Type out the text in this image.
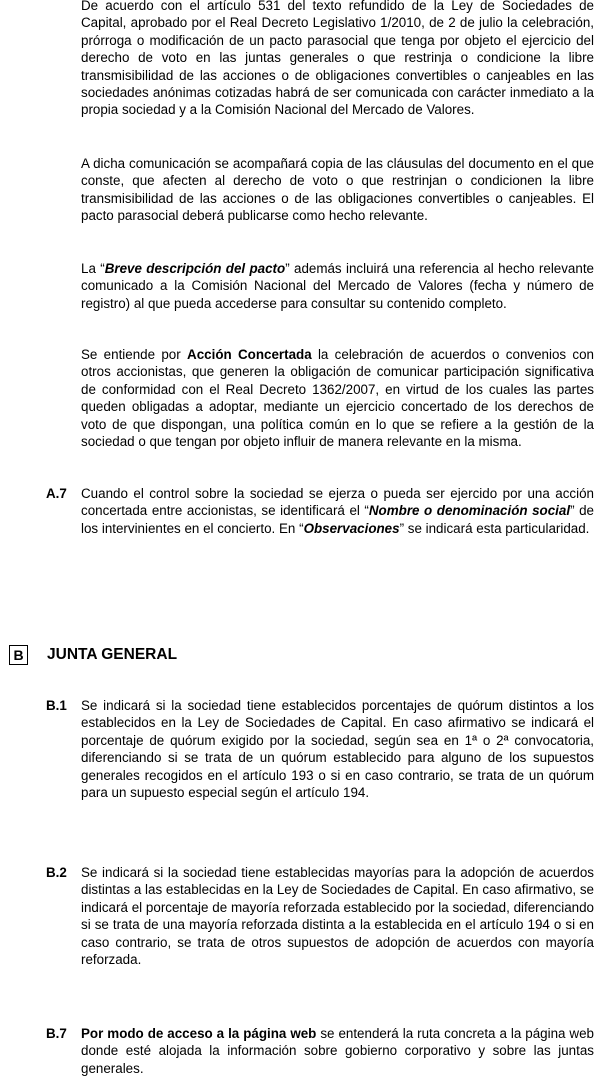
De acuerdo con el artículo 531 del texto refundido de la Ley de Sociedades de Capital, aprobado por el Real Decreto Legislativo 1/2010, de 2 de julio la celebración, prórroga o modificación de un pacto parasocial que tenga por objeto el ejercicio del derecho de voto en las juntas generales o que restrinja o condicione la libre transmisibilidad de las acciones o de obligaciones convertibles o canjeables en las sociedades anónimas cotizadas habrá de ser comunicada con carácter inmediato a la propia sociedad y a la Comisión Nacional del Mercado de Valores.
A dicha comunicación se acompañará copia de las cláusulas del documento en el que conste, que afecten al derecho de voto o que restrinjan o condicionen la libre transmisibilidad de las acciones o de las obligaciones convertibles o canjeables. El pacto parasocial deberá publicarse como hecho relevante.
La “Breve descripción del pacto” además incluirá una referencia al hecho relevante comunicado a la Comisión Nacional del Mercado de Valores (fecha y número de registro) al que pueda accederse para consultar su contenido completo.
Se entiende por Acción Concertada la celebración de acuerdos o convenios con otros accionistas, que generen la obligación de comunicar participación significativa de conformidad con el Real Decreto 1362/2007, en virtud de los cuales las partes queden obligadas a adoptar, mediante un ejercicio concertado de los derechos de voto de que dispongan, una política común en lo que se refiere a la gestión de la sociedad o que tengan por objeto influir de manera relevante en la misma.
A.7 Cuando el control sobre la sociedad se ejerza o pueda ser ejercido por una acción concertada entre accionistas, se identificará el “Nombre o denominación social” de los intervinientes en el concierto. En “Observaciones” se indicará esta particularidad.
B JUNTA GENERAL
B.1 Se indicará si la sociedad tiene establecidos porcentajes de quórum distintos a los establecidos en la Ley de Sociedades de Capital. En caso afirmativo se indicará el porcentaje de quórum exigido por la sociedad, según sea en 1ª o 2ª convocatoria, diferenciando si se trata de un quórum establecido para alguno de los supuestos generales recogidos en el artículo 193 o si en caso contrario, se trata de un quórum para un supuesto especial según el artículo 194.
B.2 Se indicará si la sociedad tiene establecidas mayorías para la adopción de acuerdos distintas a las establecidas en la Ley de Sociedades de Capital. En caso afirmativo, se indicará el porcentaje de mayoría reforzada establecido por la sociedad, diferenciando si se trata de una mayoría reforzada distinta a la establecida en el artículo 194 o si en caso contrario, se trata de otros supuestos de adopción de acuerdos con mayoría reforzada.
B.7 Por modo de acceso a la página web se entenderá la ruta concreta a la página web donde esté alojada la información sobre gobierno corporativo y sobre las juntas generales.
